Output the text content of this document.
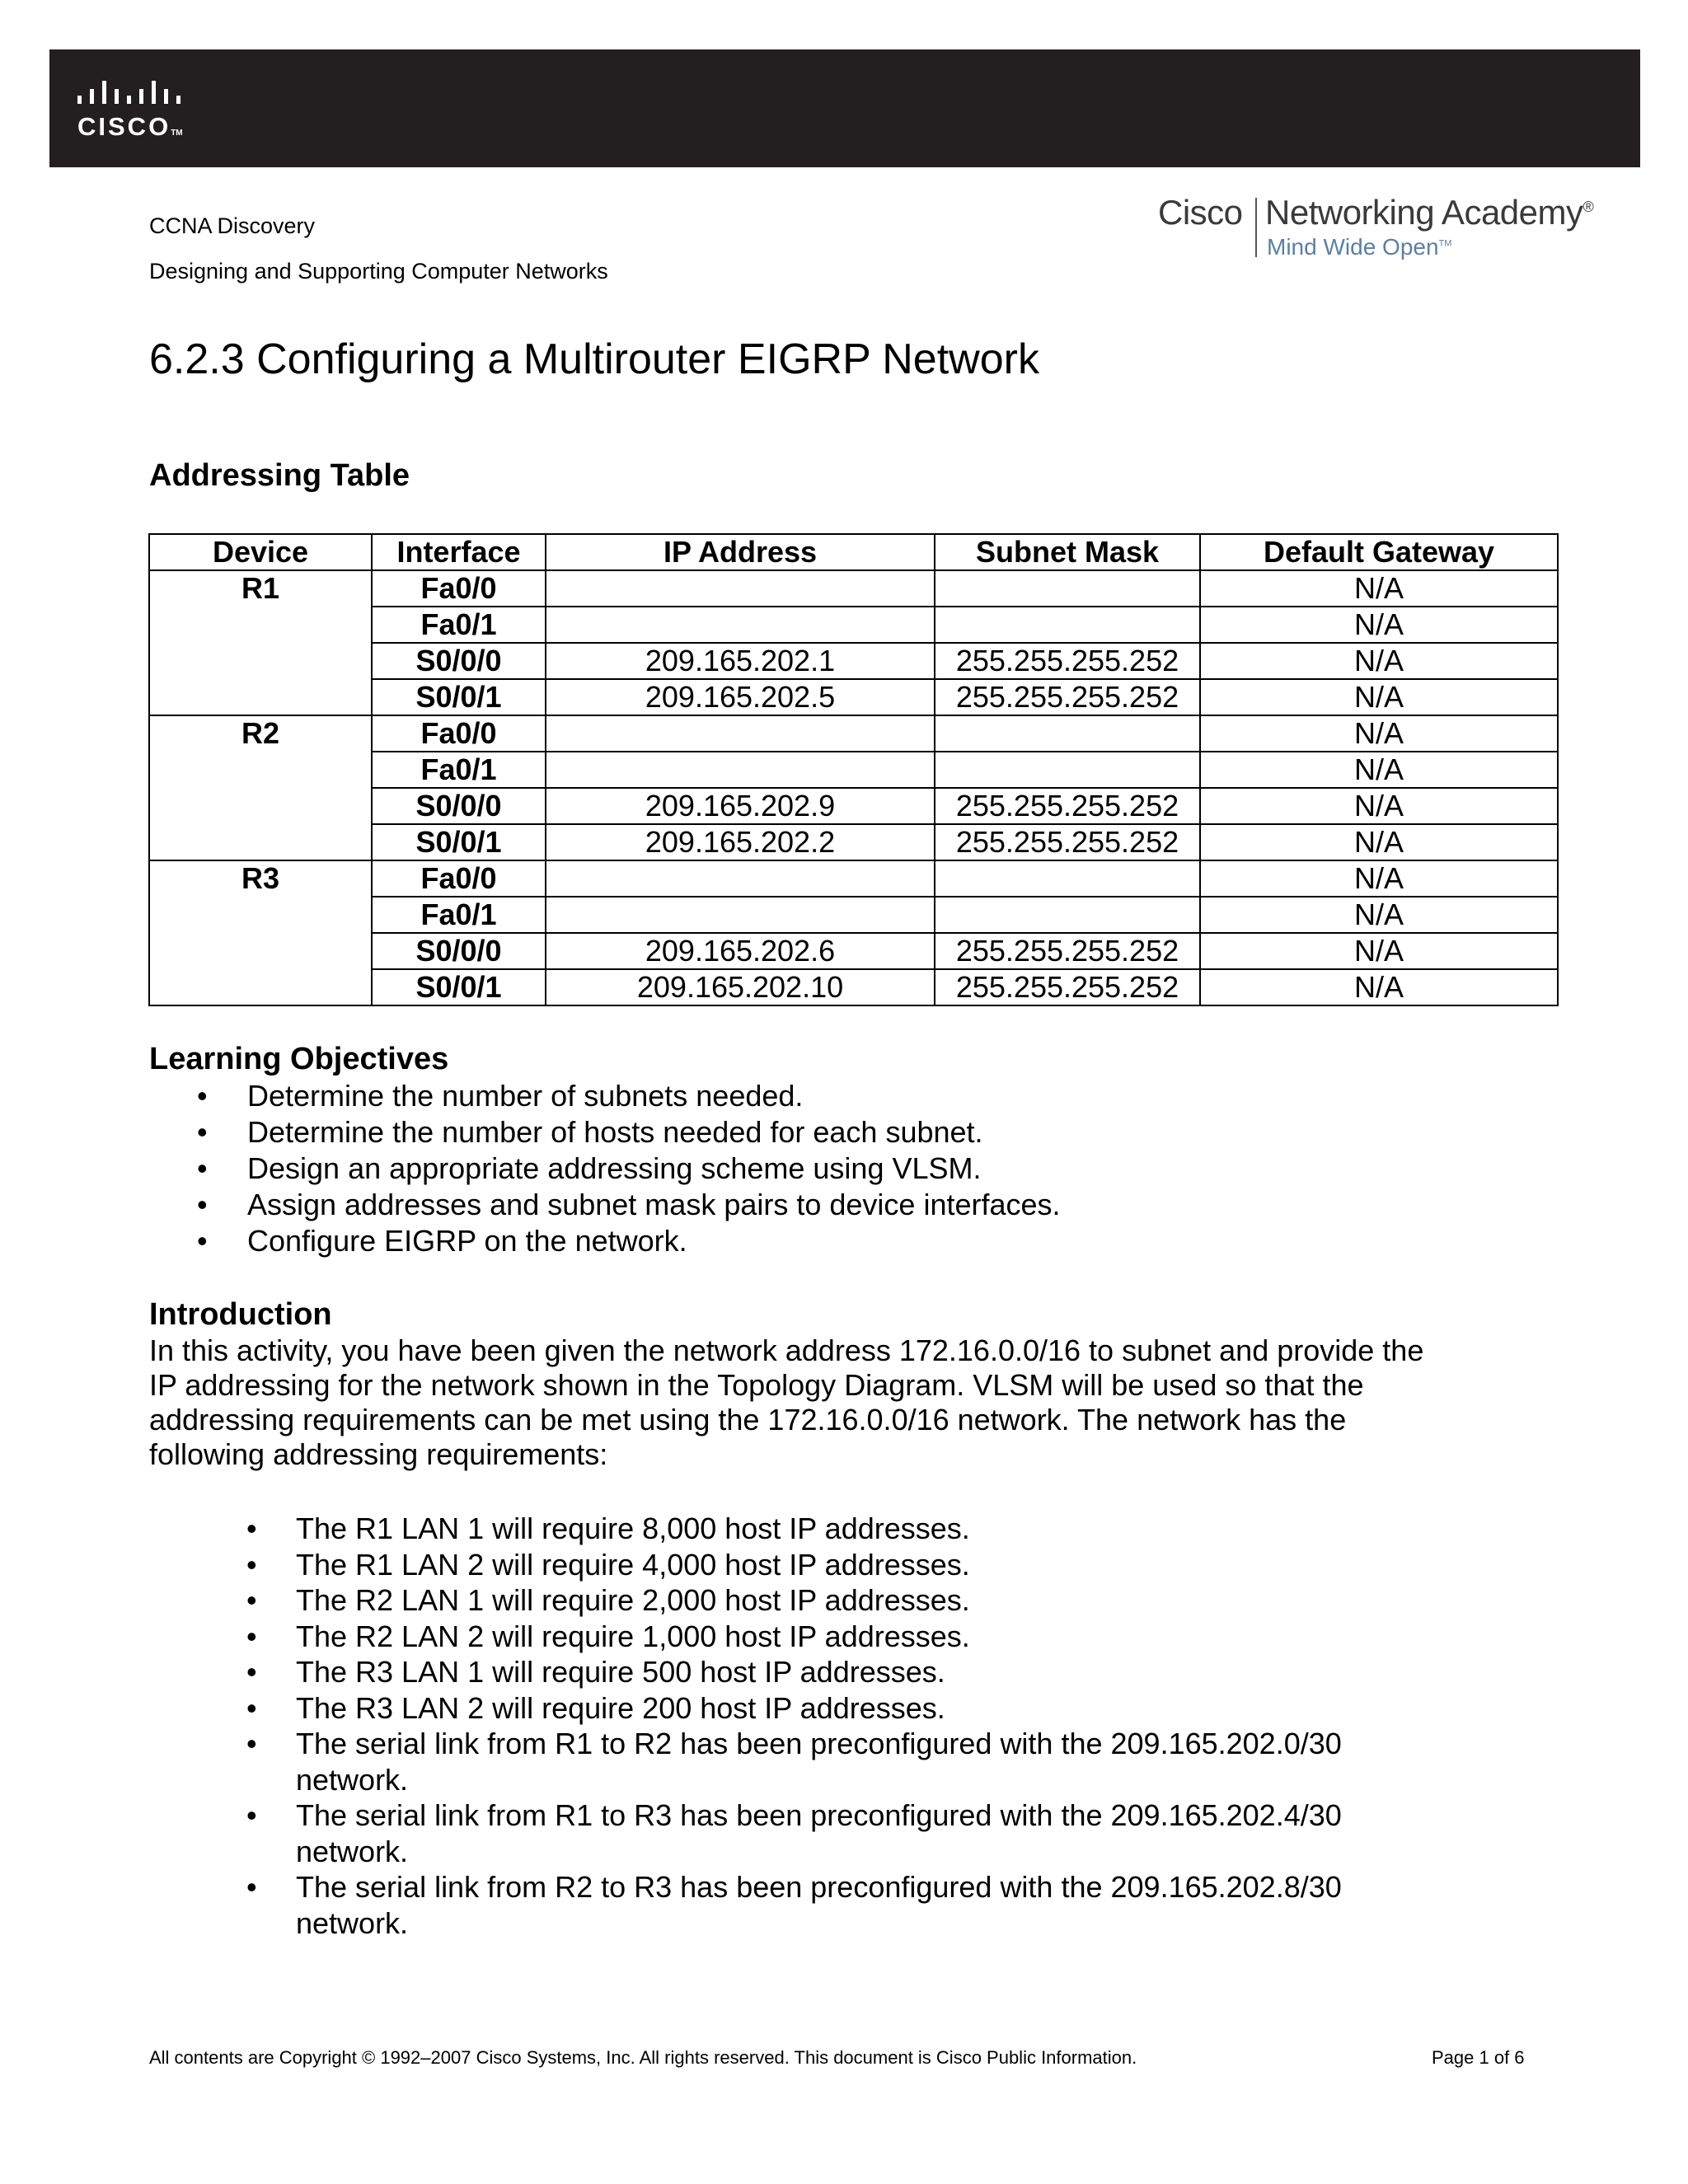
CISCOTM
Cisco Networking Academy®
Mind Wide Open™
CCNA Discovery
Designing and Supporting Computer Networks
6.2.3 Configuring a Multirouter EIGRP Network
Addressing Table
Device	Interface	IP Address	Subnet Mask	Default Gateway
R1	Fa0/0			N/A
	Fa0/1			N/A
	S0/0/0	209.165.202.1	255.255.255.252	N/A
	S0/0/1	209.165.202.5	255.255.255.252	N/A
R2	Fa0/0			N/A
	Fa0/1			N/A
	S0/0/0	209.165.202.9	255.255.255.252	N/A
	S0/0/1	209.165.202.2	255.255.255.252	N/A
R3	Fa0/0			N/A
	Fa0/1			N/A
	S0/0/0	209.165.202.6	255.255.255.252	N/A
	S0/0/1	209.165.202.10	255.255.255.252	N/A
Learning Objectives
• Determine the number of subnets needed.
• Determine the number of hosts needed for each subnet.
• Design an appropriate addressing scheme using VLSM.
• Assign addresses and subnet mask pairs to device interfaces.
• Configure EIGRP on the network.
Introduction

In this activity, you have been given the network address 172.16.0.0/16 to subnet and provide the IP addressing for the network shown in the Topology Diagram. VLSM will be used so that the addressing requirements can be met using the 172.16.0.0/16 network. The network has the following addressing requirements:

• The R1 LAN 1 will require 8,000 host IP addresses.
• The R1 LAN 2 will require 4,000 host IP addresses.
• The R2 LAN 1 will require 2,000 host IP addresses.
• The R2 LAN 2 will require 1,000 host IP addresses.
• The R3 LAN 1 will require 500 host IP addresses.
• The R3 LAN 2 will require 200 host IP addresses.
• The serial link from R1 to R2 has been preconfigured with the 209.165.202.0/30 network.
• The serial link from R1 to R3 has been preconfigured with the 209.165.202.4/30 network.
• The serial link from R2 to R3 has been preconfigured with the 209.165.202.8/30 network.
All contents are Copyright © 1992–2007 Cisco Systems, Inc. All rights reserved. This document is Cisco Public Information.	Page 1 of 6
